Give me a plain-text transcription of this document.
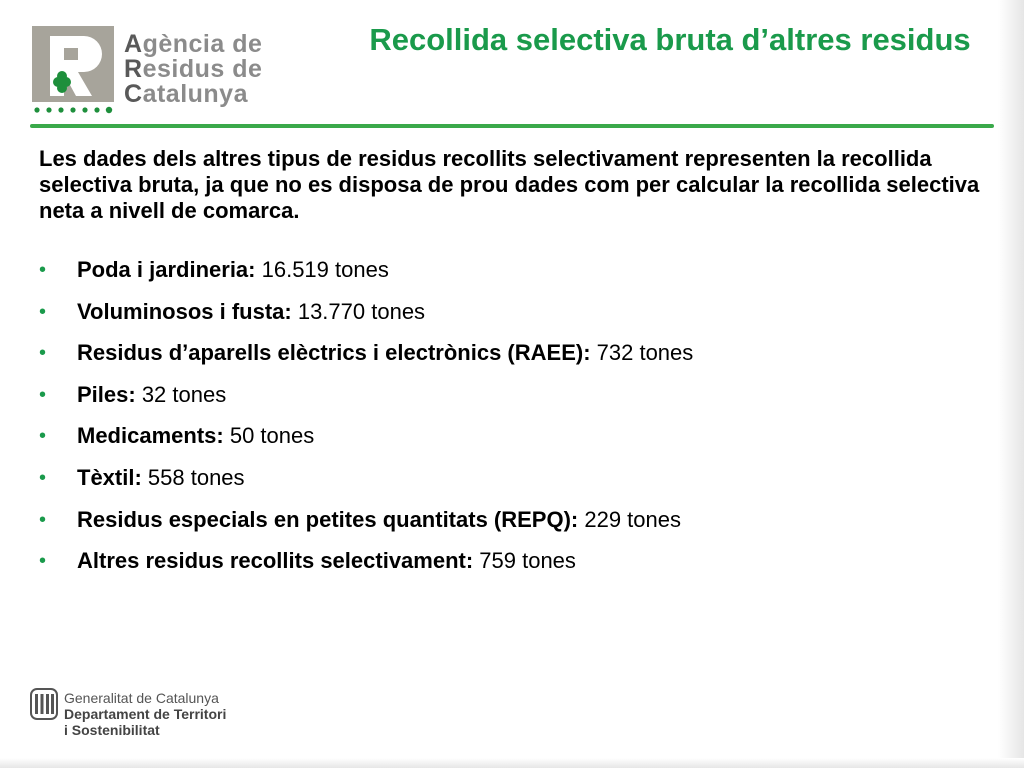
Agència de
Residus de
Catalunya
Recollida selectiva bruta d’altres residus
Les dades dels altres tipus de residus recollits selectivament representen la recollida selectiva bruta, ja que no es disposa de prou dades com per calcular la recollida selectiva neta a nivell de comarca.
•	Poda i jardineria: 16.519 tones
•	Voluminosos i fusta: 13.770 tones
•	Residus d’aparells elèctrics i electrònics (RAEE): 732 tones
•	Piles: 32 tones
•	Medicaments: 50 tones
•	Tèxtil: 558 tones
•	Residus especials en petites quantitats (REPQ): 229 tones
•	Altres residus recollits selectivament: 759 tones
Generalitat de Catalunya
Departament de Territori
i Sostenibilitat
